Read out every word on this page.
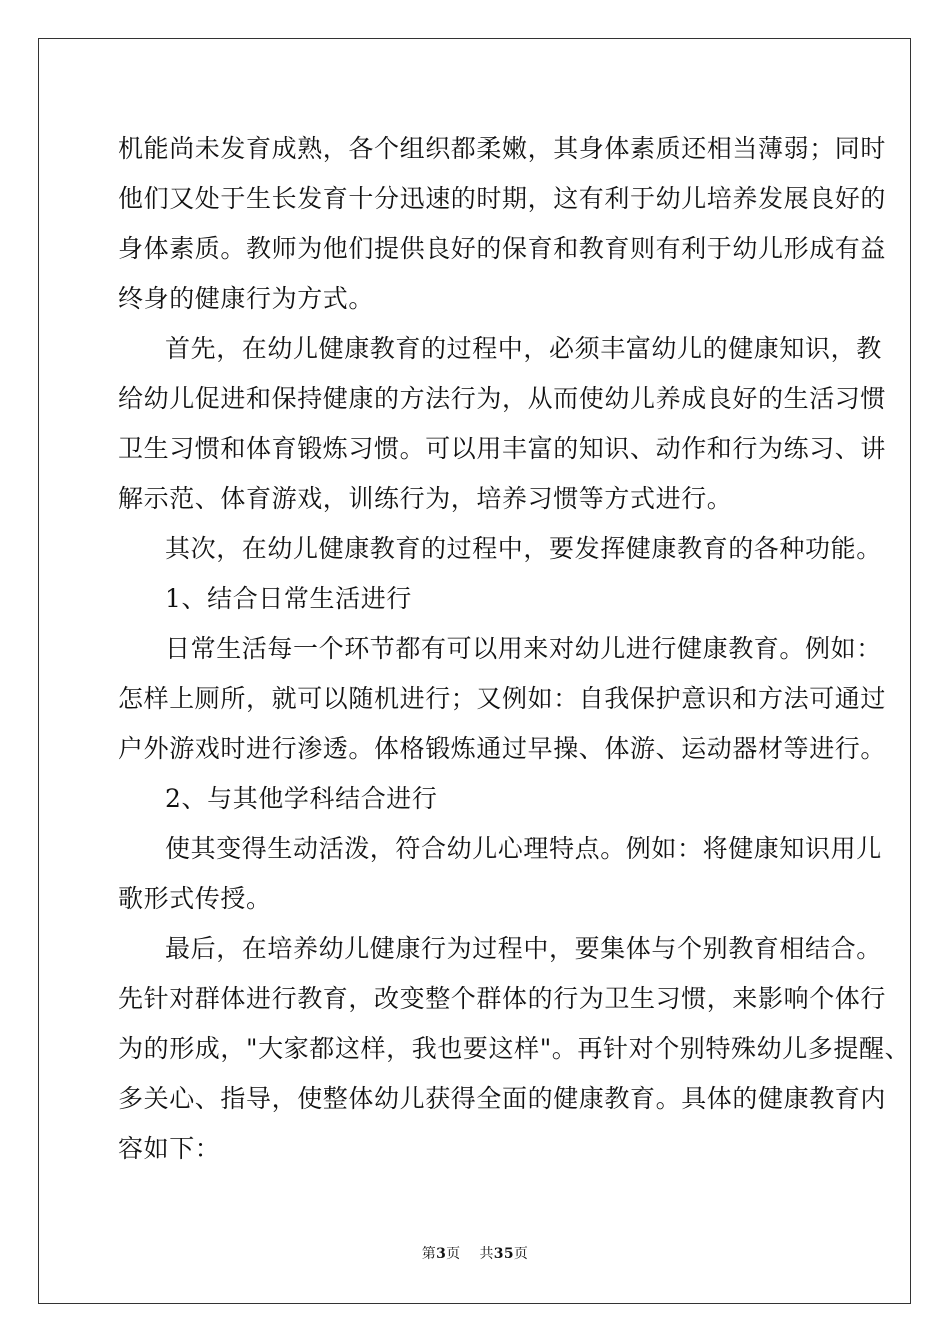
机能尚未发育成熟，各个组织都柔嫩，其身体素质还相当薄弱；同时
他们又处于生长发育十分迅速的时期，这有利于幼儿培养发展良好的
身体素质。教师为他们提供良好的保育和教育则有利于幼儿形成有益
终身的健康行为方式。
首先，在幼儿健康教育的过程中，必须丰富幼儿的健康知识，教
给幼儿促进和保持健康的方法行为，从而使幼儿养成良好的生活习惯
卫生习惯和体育锻炼习惯。可以用丰富的知识、动作和行为练习、讲
解示范、体育游戏，训练行为，培养习惯等方式进行。
其次，在幼儿健康教育的过程中，要发挥健康教育的各种功能。
1、结合日常生活进行
日常生活每一个环节都有可以用来对幼儿进行健康教育。例如：
怎样上厕所，就可以随机进行；又例如：自我保护意识和方法可通过
户外游戏时进行渗透。体格锻炼通过早操、体游、运动器材等进行。
2、与其他学科结合进行
使其变得生动活泼，符合幼儿心理特点。例如：将健康知识用儿
歌形式传授。
最后，在培养幼儿健康行为过程中，要集体与个别教育相结合。
先针对群体进行教育，改变整个群体的行为卫生习惯，来影响个体行
为的形成，"大家都这样，我也要这样"。再针对个别特殊幼儿多提醒、
多关心、指导，使整体幼儿获得全面的健康教育。具体的健康教育内
容如下：
第3页 共35页
